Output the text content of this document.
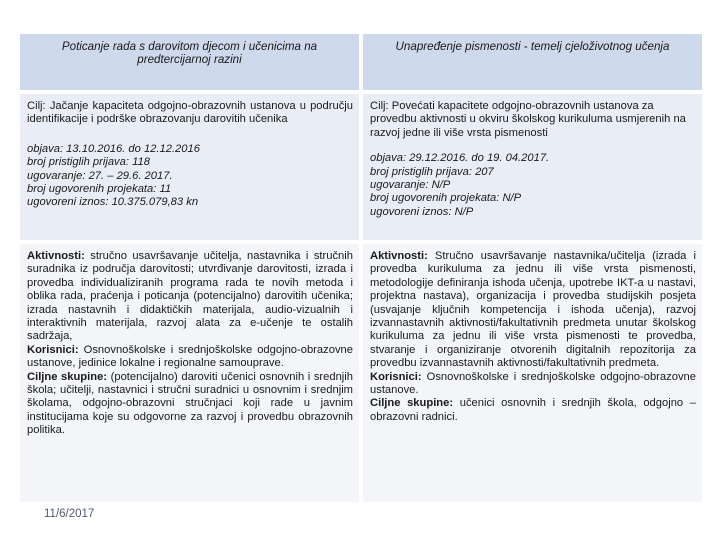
Poticanje rada s darovitom djecom i učenicima na predtercijarnoj razini
Unapređenje pismenosti - temelj cjeloživotnog učenja
Cilj: Jačanje kapaciteta odgojno-obrazovnih ustanova u području identifikacije i podrške obrazovanju darovitih učenika
objava: 13.10.2016. do 12.12.2016
broj pristiglih prijava: 118
ugovaranje: 27. – 29.6. 2017.
broj ugovorenih projekata: 11
ugovoreni iznos: 10.375.079,83 kn
Cilj: Povećati kapacitete odgojno-obrazovnih ustanova za provedbu aktivnosti u okviru školskog kurikuluma usmjerenih na razvoj jedne ili više vrsta pismenosti
objava: 29.12.2016. do 19. 04.2017.
broj pristiglih prijava: 207
ugovaranje: N/P
broj ugovorenih projekata: N/P
ugovoreni iznos: N/P
Aktivnosti: stručno usavršavanje učitelja, nastavnika i stručnih suradnika iz područja darovitosti; utvrđivanje darovitosti, izrada i provedba individualiziranih programa rada te novih metoda i oblika rada, praćenja i poticanja (potencijalno) darovitih učenika; izrada nastavnih i didaktičkih materijala, audio-vizualnih i interaktivnih materijala, razvoj alata za e-učenje te ostalih sadržaja,
Korisnici: Osnovnoškolske i srednjoškolske odgojno-obrazovne ustanove, jedinice lokalne i regionalne samouprave.
Ciljne skupine: (potencijalno) daroviti učenici osnovnih i srednjih škola; učitelji, nastavnici i stručni suradnici u osnovnim i srednjim školama, odgojno-obrazovni stručnjaci koji rade u javnim institucijama koje su odgovorne za razvoj i provedbu obrazovnih politika.
Aktivnosti: Stručno usavršavanje nastavnika/učitelja (izrada i provedba kurikuluma za jednu ili više vrsta pismenosti, metodologije definiranja ishoda učenja, upotrebe IKT-a u nastavi, projektna nastava), organizacija i provedba studijskih posjeta (usvajanje ključnih kompetencija i ishoda učenja), razvoj izvannastavnih aktivnosti/fakultativnih predmeta unutar školskog kurikuluma za jednu ili više vrsta pismenosti te provedba, stvaranje i organiziranje otvorenih digitalnih repozitorija za provedbu izvannastavnih aktivnosti/fakultativnih predmeta.
Korisnici: Osnovnoškolske i srednjoškolske odgojno-obrazovne ustanove.
Ciljne skupine: učenici osnovnih i srednjih škola, odgojno – obrazovni radnici.
11/6/2017
